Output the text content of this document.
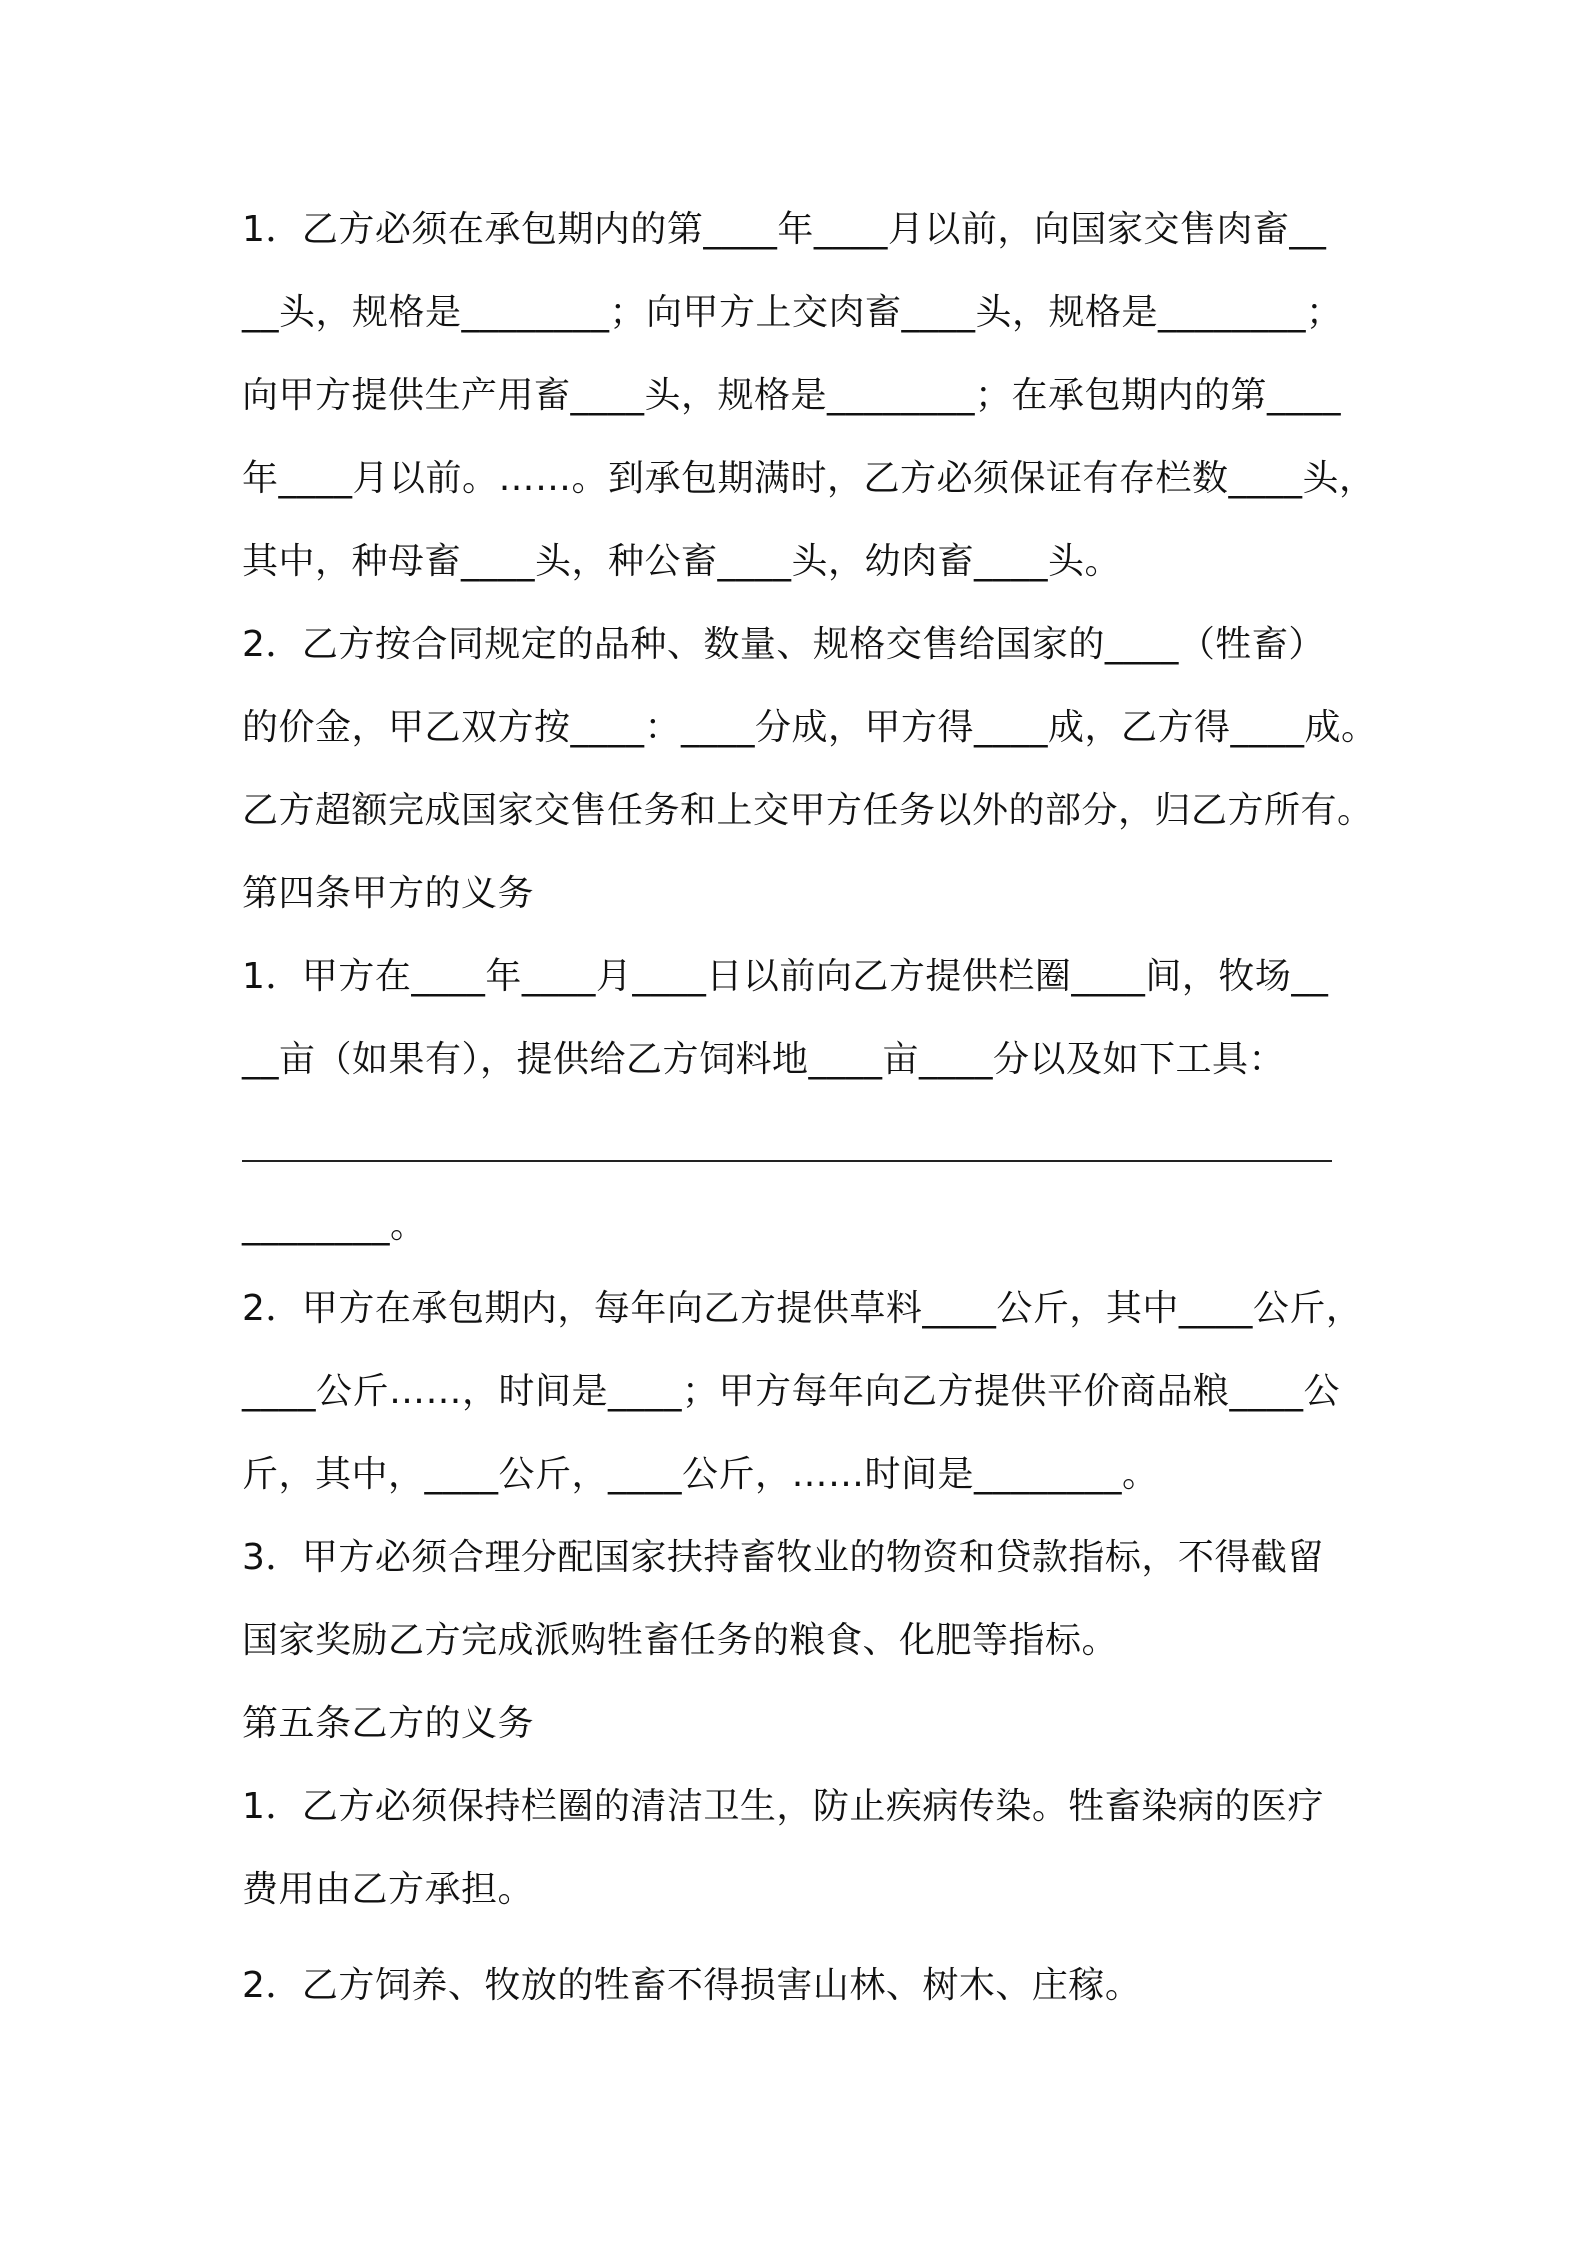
1．乙方必须在承包期内的第____年____月以前，向国家交售肉畜__
__头，规格是________；向甲方上交肉畜____头，规格是________；
向甲方提供生产用畜____头，规格是________；在承包期内的第____
年____月以前。……。到承包期满时，乙方必须保证有存栏数____头，
其中，种母畜____头，种公畜____头，幼肉畜____头。
2．乙方按合同规定的品种、数量、规格交售给国家的____（牲畜）
的价金，甲乙双方按____：____分成，甲方得____成，乙方得____成。
乙方超额完成国家交售任务和上交甲方任务以外的部分，归乙方所有。
第四条甲方的义务
1．甲方在____年____月____日以前向乙方提供栏圈____间，牧场__
__亩（如果有），提供给乙方饲料地____亩____分以及如下工具：
________。
2．甲方在承包期内，每年向乙方提供草料____公斤，其中____公斤，
____公斤……，时间是____；甲方每年向乙方提供平价商品粮____公
斤，其中，____公斤，____公斤，……时间是________。
3．甲方必须合理分配国家扶持畜牧业的物资和贷款指标，不得截留
国家奖励乙方完成派购牲畜任务的粮食、化肥等指标。
第五条乙方的义务
1．乙方必须保持栏圈的清洁卫生，防止疾病传染。牲畜染病的医疗
费用由乙方承担。
2．乙方饲养、牧放的牲畜不得损害山林、树木、庄稼。
